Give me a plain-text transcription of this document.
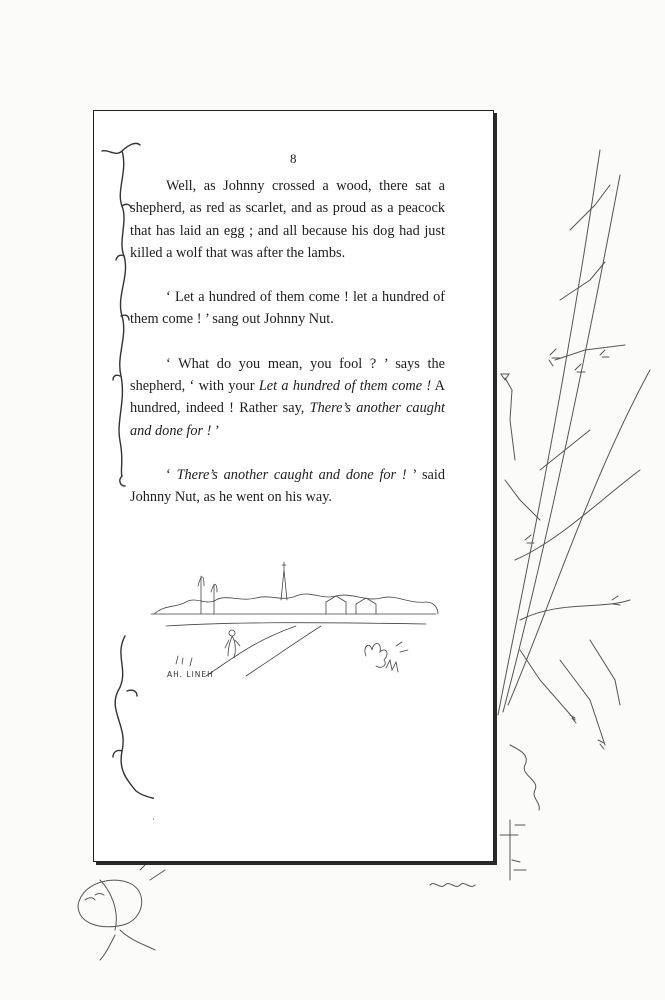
8

Well, as Johnny crossed a wood, there sat a shepherd, as red as scarlet, and as proud as a peacock that has laid an egg ; and all because his dog had just killed a wolf that was after the lambs.

‘ Let a hundred of them come ! let a hundred of them come ! ’ sang out Johnny Nut.

‘ What do you mean, you fool ? ’ says the shepherd, ‘ with your Let a hundred of them come ! A hundred, indeed ! Rather say, There’s another caught and done for ! ’

‘ There’s another caught and done for ! ’ said Johnny Nut, as he went on his way.

AH. LINEH
